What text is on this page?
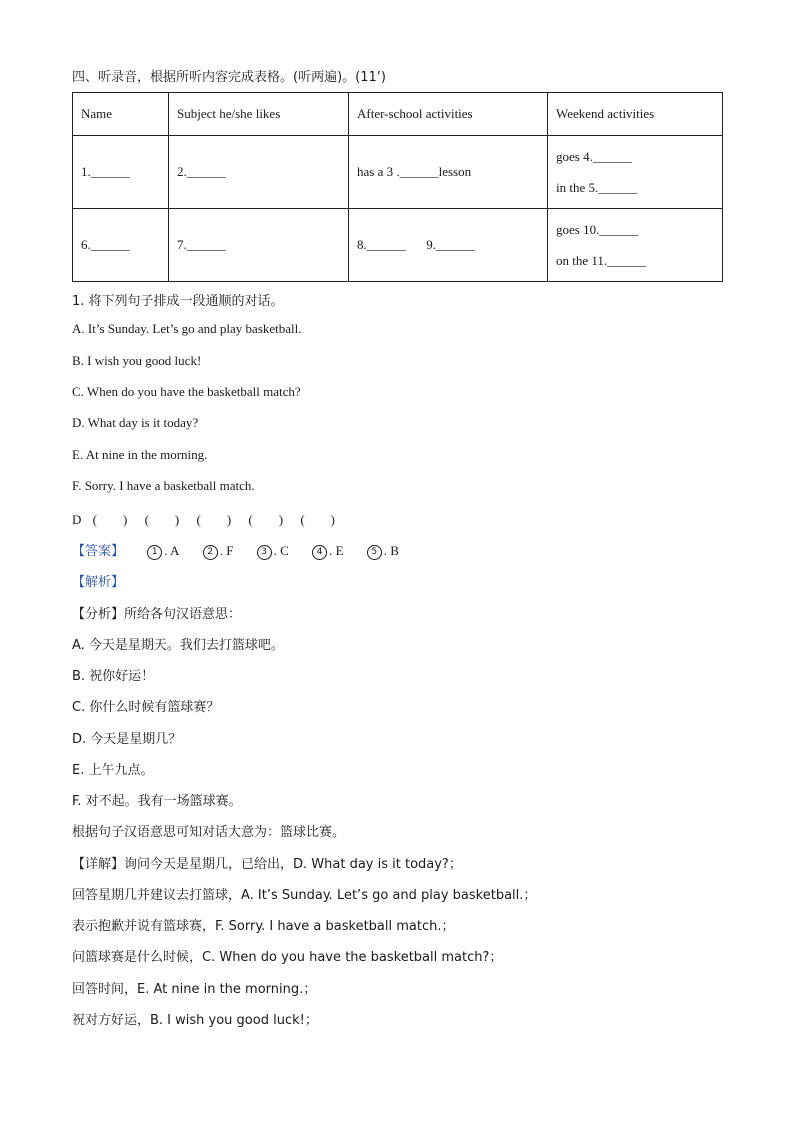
四、听录音，根据所听内容完成表格。(听两遍)。(11’)
Name	Subject he/she likes	After-school activities	Weekend activities
1.______	2.______	has a 3 .______lesson	goes 4.______
in the 5.______

6.______	7.______	8.______ 9.______	goes 10.______
on the 11.______
1. 将下列句子排成一段通顺的对话。
A. It’s Sunday. Let’s go and play basketball.
B. I wish you good luck!
C. When do you have the basketball match?
D. What day is it today?
E. At nine in the morning.
F. Sorry. I have a basketball match.
D (　　) (　　) (　　) (　　) (　　)
【答案】	1 . A	2 . F	3 . C	4 . E	5 . B
【解析】
【分析】所给各句汉语意思：
A. 今天是星期天。我们去打篮球吧。
B. 祝你好运！
C. 你什么时候有篮球赛？
D. 今天是星期几？
E. 上午九点。
F. 对不起。我有一场篮球赛。
根据句子汉语意思可知对话大意为：篮球比赛。
【详解】询问今天是星期几，已给出，D. What day is it today?；
回答星期几并建议去打篮球，A. It’s Sunday. Let’s go and play basketball.；
表示抱歉并说有篮球赛，F. Sorry. I have a basketball match.；
问篮球赛是什么时候，C. When do you have the basketball match?；
回答时间，E. At nine in the morning.；
祝对方好运，B. I wish you good luck!；
